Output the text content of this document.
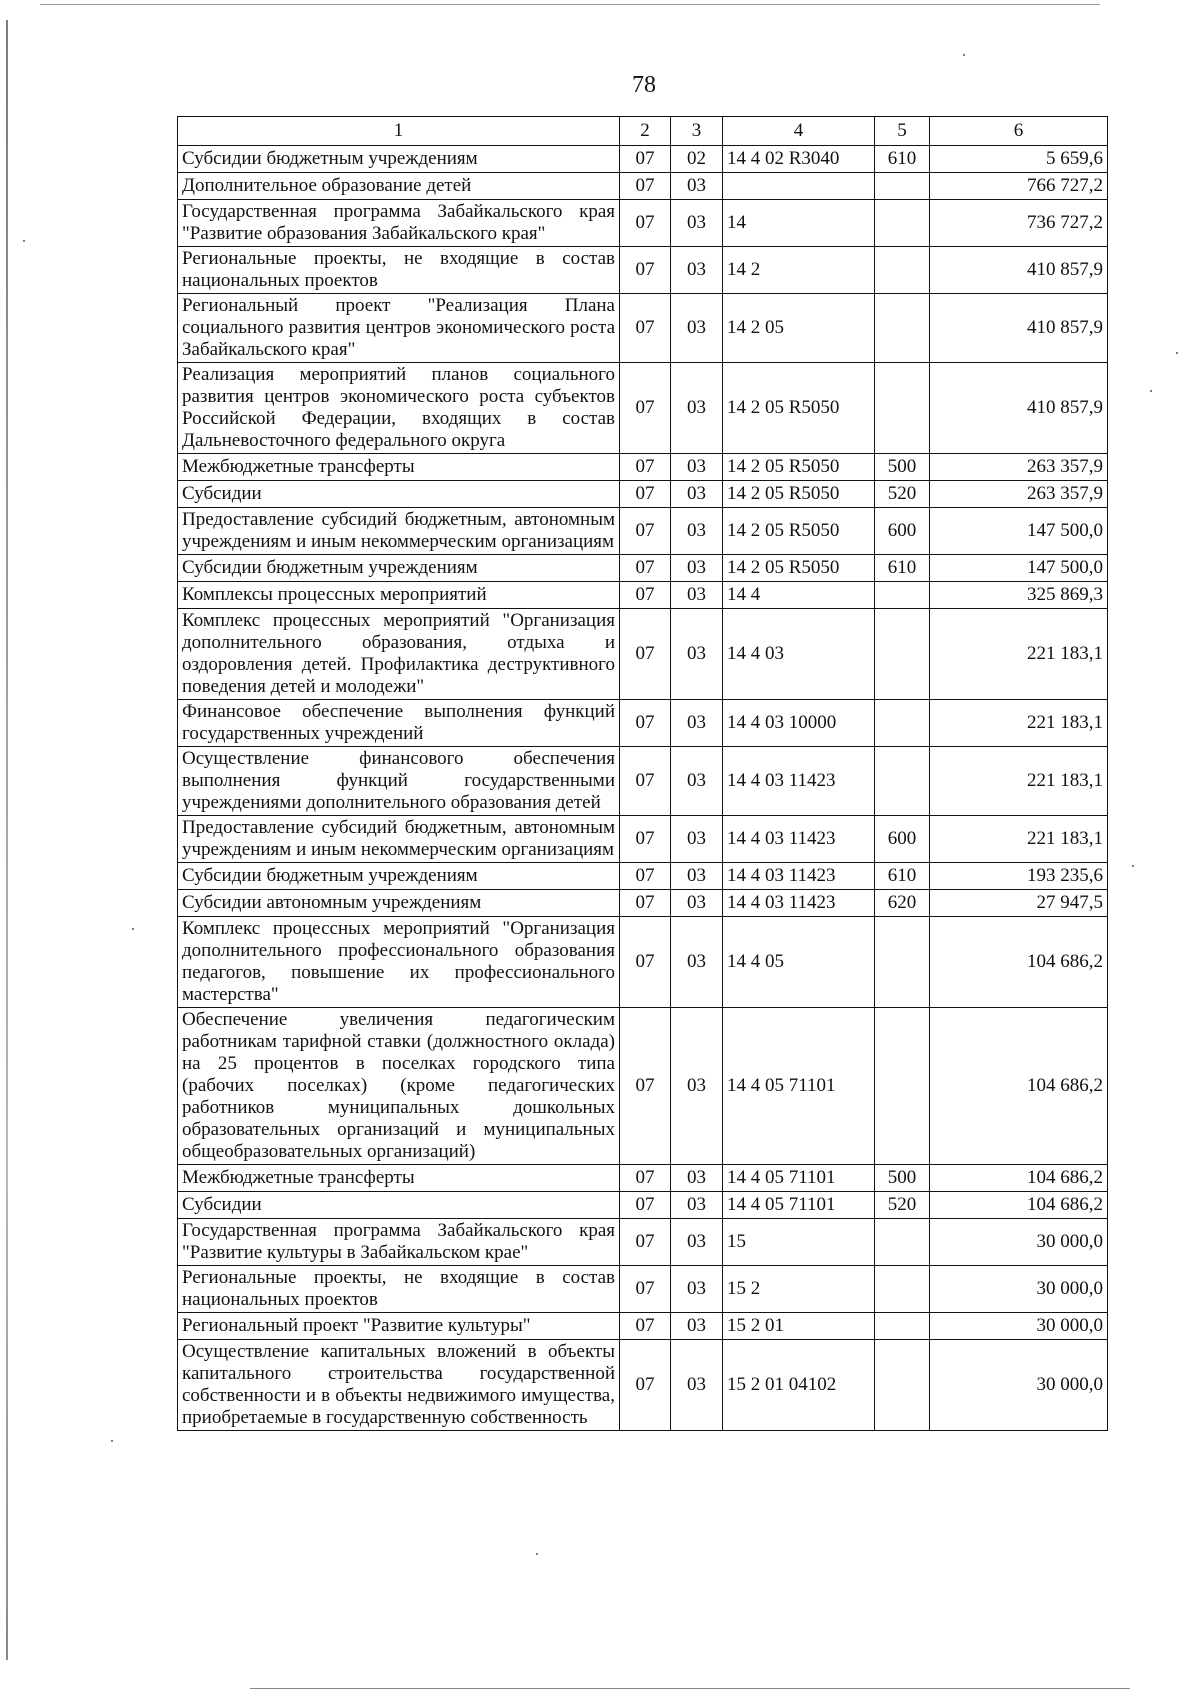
78
1	2	3	4	5	6
Субсидии бюджетным учреждениям	07	02	14 4 02 R3040	610	5 659,6
Дополнительное образование детей	07	03			766 727,2
Государственная программа Забайкальского края "Развитие образования Забайкальского края"	07	03	14		736 727,2
Региональные проекты, не входящие в состав национальных проектов	07	03	14 2		410 857,9
Региональный проект "Реализация Плана социального развития центров экономического роста Забайкальского края"	07	03	14 2 05		410 857,9
Реализация мероприятий планов социального развития центров экономического роста субъектов Российской Федерации, входящих в состав Дальневосточного федерального округа	07	03	14 2 05 R5050		410 857,9
Межбюджетные трансферты	07	03	14 2 05 R5050	500	263 357,9
Субсидии	07	03	14 2 05 R5050	520	263 357,9
Предоставление субсидий бюджетным, автономным учреждениям и иным некоммерческим организациям	07	03	14 2 05 R5050	600	147 500,0
Субсидии бюджетным учреждениям	07	03	14 2 05 R5050	610	147 500,0
Комплексы процессных мероприятий	07	03	14 4		325 869,3
Комплекс процессных мероприятий "Организация дополнительного образования, отдыха и оздоровления детей. Профилактика деструктивного поведения детей и молодежи"	07	03	14 4 03		221 183,1
Финансовое обеспечение выполнения функций государственных учреждений	07	03	14 4 03 10000		221 183,1
Осуществление финансового обеспечения выполнения функций государственными учреждениями дополнительного образования детей	07	03	14 4 03 11423		221 183,1
Предоставление субсидий бюджетным, автономным учреждениям и иным некоммерческим организациям	07	03	14 4 03 11423	600	221 183,1
Субсидии бюджетным учреждениям	07	03	14 4 03 11423	610	193 235,6
Субсидии автономным учреждениям	07	03	14 4 03 11423	620	27 947,5
Комплекс процессных мероприятий "Организация дополнительного профессионального образования педагогов, повышение их профессионального мастерства"	07	03	14 4 05		104 686,2
Обеспечение увеличения педагогическим работникам тарифной ставки (должностного оклада) на 25 процентов в поселках городского типа (рабочих поселках) (кроме педагогических работников муниципальных дошкольных образовательных организаций и муниципальных общеобразовательных организаций)	07	03	14 4 05 71101		104 686,2
Межбюджетные трансферты	07	03	14 4 05 71101	500	104 686,2
Субсидии	07	03	14 4 05 71101	520	104 686,2
Государственная программа Забайкальского края "Развитие культуры в Забайкальском крае"	07	03	15		30 000,0
Региональные проекты, не входящие в состав национальных проектов	07	03	15 2		30 000,0
Региональный проект "Развитие культуры"	07	03	15 2 01		30 000,0
Осуществление капитальных вложений в объекты капитального строительства государственной собственности и в объекты недвижимого имущества, приобретаемые в государственную собственность	07	03	15 2 01 04102		30 000,0
